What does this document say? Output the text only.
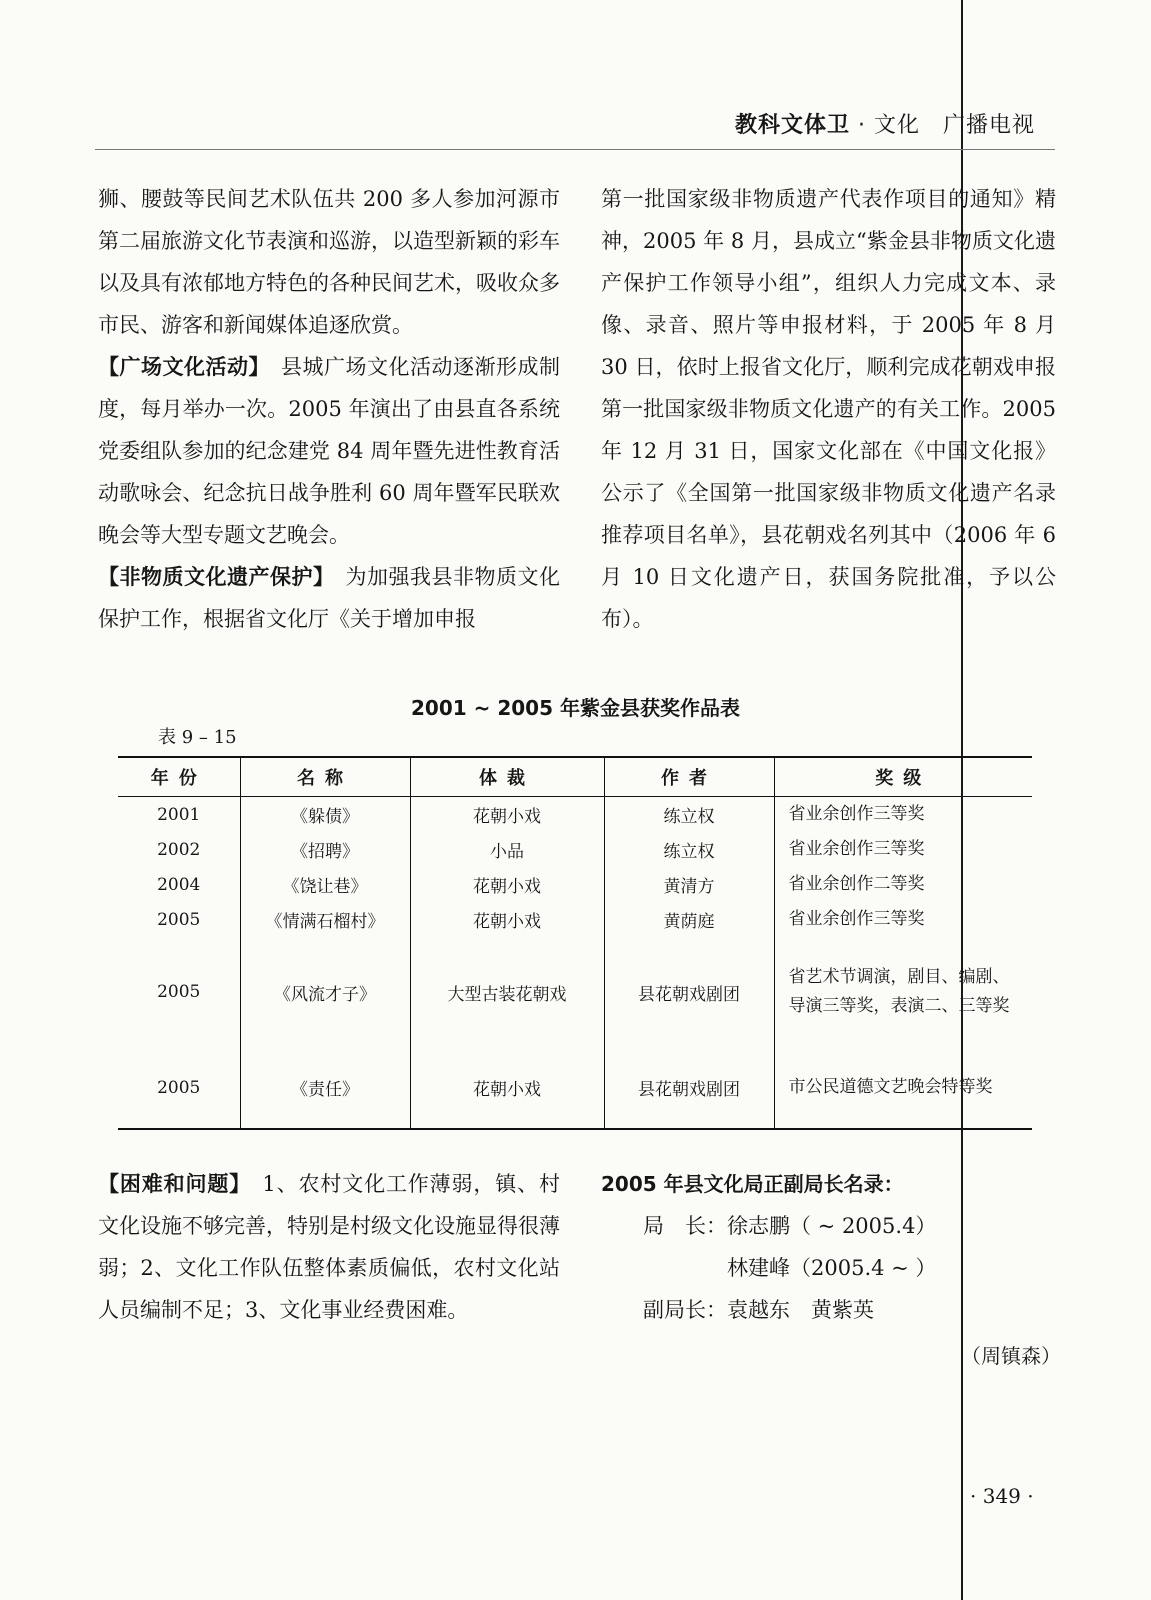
教科文体卫 · 文化　广播电视

狮、腰鼓等民间艺术队伍共 200 多人参加河源市第二届旅游文化节表演和巡游，以造型新颖的彩车以及具有浓郁地方特色的各种民间艺术，吸收众多市民、游客和新闻媒体追逐欣赏。

【广场文化活动】　县城广场文化活动逐渐形成制度，每月举办一次。2005 年演出了由县直各系统党委组队参加的纪念建党 84 周年暨先进性教育活动歌咏会、纪念抗日战争胜利 60 周年暨军民联欢晚会等大型专题文艺晚会。

【非物质文化遗产保护】　为加强我县非物质文化保护工作，根据省文化厅《关于增加申报

第一批国家级非物质遗产代表作项目的通知》精神，2005 年 8 月，县成立“紫金县非物质文化遗产保护工作领导小组”，组织人力完成文本、录像、录音、照片等申报材料，于 2005 年 8 月 30 日，依时上报省文化厅，顺利完成花朝戏申报第一批国家级非物质文化遗产的有关工作。2005 年 12 月 31 日，国家文化部在《中国文化报》公示了《全国第一批国家级非物质文化遗产名录推荐项目名单》，县花朝戏名列其中（2006 年 6 月 10 日文化遗产日，获国务院批准，予以公布）。

2001 ~ 2005 年紫金县获奖作品表
表 9 – 15
年份	名称	体裁	作者	奖级
2001	《躲债》	花朝小戏	练立权	省业余创作三等奖
2002	《招聘》	小品	练立权	省业余创作三等奖
2004	《饶让巷》	花朝小戏	黄清方	省业余创作二等奖
2005	《情满石榴村》	花朝小戏	黄荫庭	省业余创作三等奖
2005	《风流才子》	大型古装花朝戏	县花朝戏剧团	省艺术节调演，剧目、编剧、导演三等奖，表演二、三等奖
2005	《责任》	花朝小戏	县花朝戏剧团	市公民道德文艺晚会特等奖

【困难和问题】　1、农村文化工作薄弱，镇、村文化设施不够完善，特别是村级文化设施显得很薄弱；2、文化工作队伍整体素质偏低，农村文化站人员编制不足；3、文化事业经费困难。

2005 年县文化局正副局长名录：

局　长：徐志鹏（ ~ 2005.4）

林建峰（2005.4 ~ ）

副局长：袁越东　黄紫英

（周镇森）
· 349 ·
